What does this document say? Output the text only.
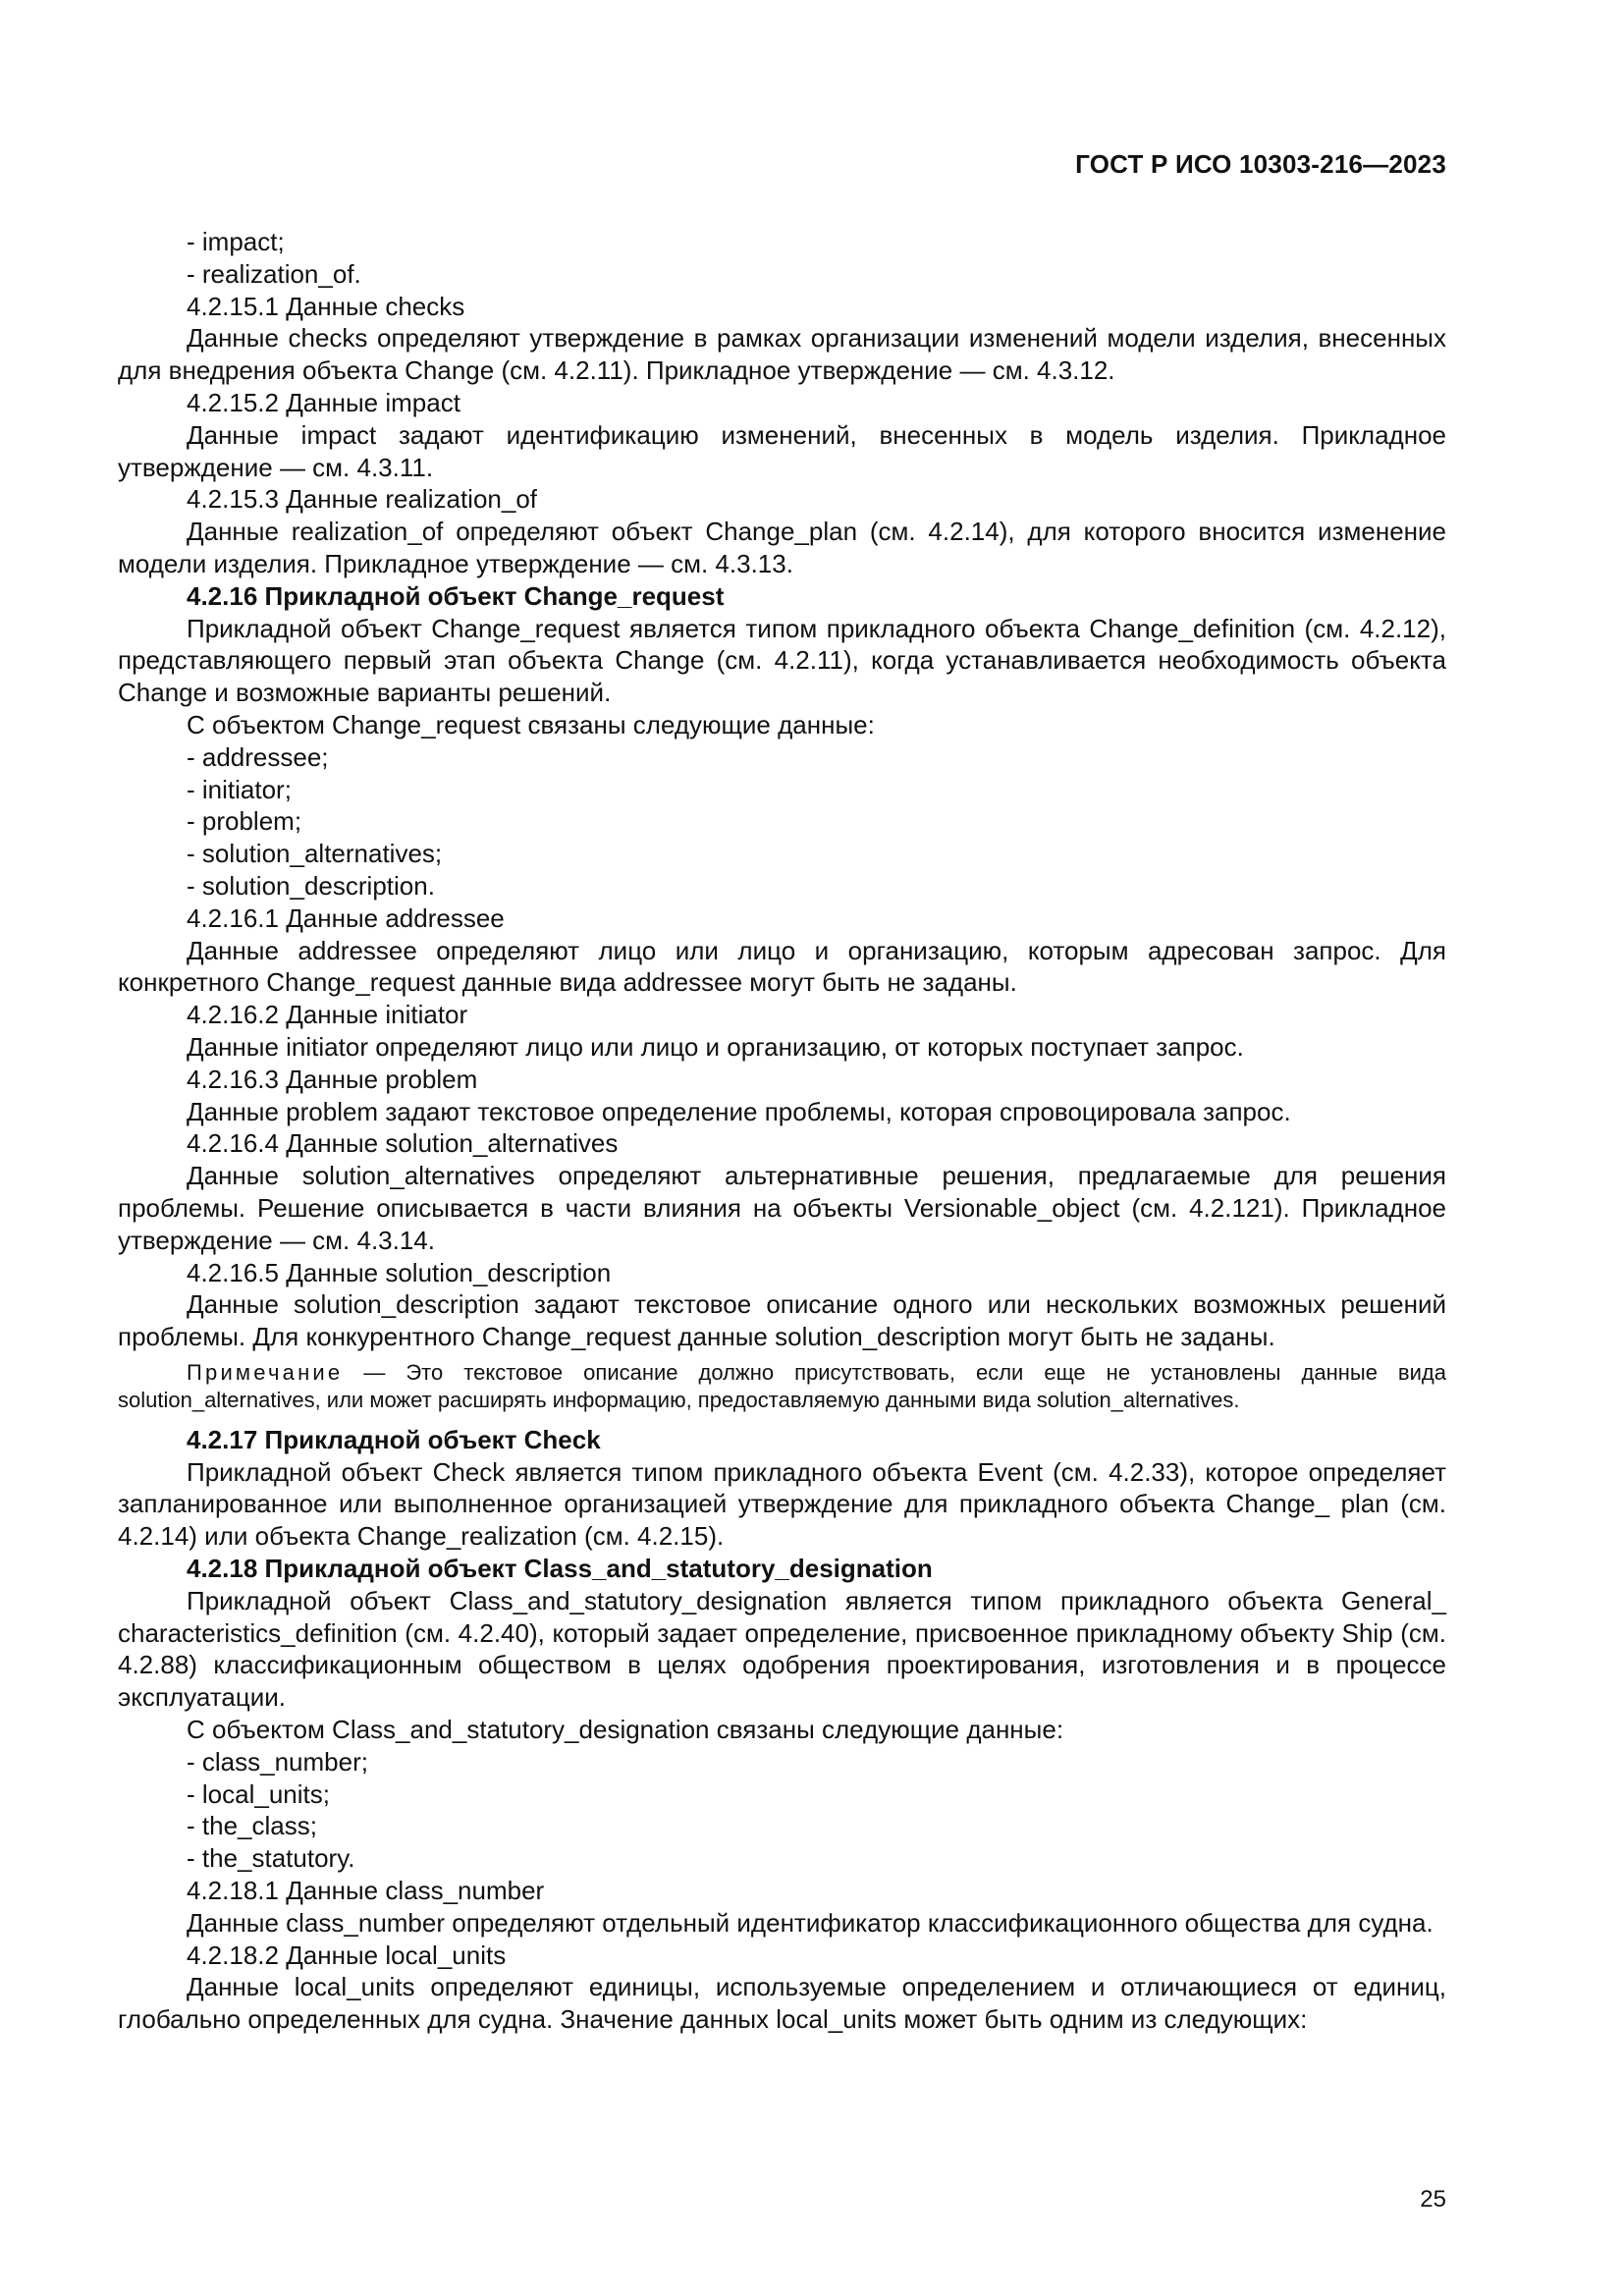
ГОСТ Р ИСО 10303-216—2023

- impact;

- realization_of.

4.2.15.1 Данные checks

Данные checks определяют утверждение в рамках организации изменений модели изделия, внесенных для внедрения объекта Change (см. 4.2.11). Прикладное утверждение — см. 4.3.12.

4.2.15.2 Данные impact

Данные impact задают идентификацию изменений, внесенных в модель изделия. Прикладное утверждение — см. 4.3.11.

4.2.15.3 Данные realization_of

Данные realization_of определяют объект Change_plan (см. 4.2.14), для которого вносится изменение модели изделия. Прикладное утверждение — см. 4.3.13.

4.2.16 Прикладной объект Change_request

Прикладной объект Change_request является типом прикладного объекта Change_definition (см. 4.2.12), представляющего первый этап объекта Change (см. 4.2.11), когда устанавливается необходимость объекта Change и возможные варианты решений.

С объектом Change_request связаны следующие данные:

- addressee;

- initiator;

- problem;

- solution_alternatives;

- solution_description.

4.2.16.1 Данные addressee

Данные addressee определяют лицо или лицо и организацию, которым адресован запрос. Для конкретного Change_request данные вида addressee могут быть не заданы.

4.2.16.2 Данные initiator

Данные initiator определяют лицо или лицо и организацию, от которых поступает запрос.

4.2.16.3 Данные problem

Данные problem задают текстовое определение проблемы, которая спровоцировала запрос.

4.2.16.4 Данные solution_alternatives

Данные solution_alternatives определяют альтернативные решения, предлагаемые для решения проблемы. Решение описывается в части влияния на объекты Versionable_object (см. 4.2.121). Прикладное утверждение — см. 4.3.14.

4.2.16.5 Данные solution_description

Данные solution_description задают текстовое описание одного или нескольких возможных решений проблемы. Для конкурентного Change_request данные solution_description могут быть не заданы.

Примечание — Это текстовое описание должно присутствовать, если еще не установлены данные вида solution_alternatives, или может расширять информацию, предоставляемую данными вида solution_alternatives.

4.2.17 Прикладной объект Check

Прикладной объект Check является типом прикладного объекта Event (см. 4.2.33), которое определяет запланированное или выполненное организацией утверждение для прикладного объекта Change_ plan (см. 4.2.14) или объекта Change_realization (см. 4.2.15).

4.2.18 Прикладной объект Class_and_statutory_designation

Прикладной объект Class_and_statutory_designation является типом прикладного объекта General_ characteristics_definition (см. 4.2.40), который задает определение, присвоенное прикладному объекту Ship (см. 4.2.88) классификационным обществом в целях одобрения проектирования, изготовления и в процессе эксплуатации.

С объектом Class_and_statutory_designation связаны следующие данные:

- class_number;

- local_units;

- the_class;

- the_statutory.

4.2.18.1 Данные class_number

Данные class_number определяют отдельный идентификатор классификационного общества для судна.

4.2.18.2 Данные local_units

Данные local_units определяют единицы, используемые определением и отличающиеся от единиц, глобально определенных для судна. Значение данных local_units может быть одним из следующих:

25
